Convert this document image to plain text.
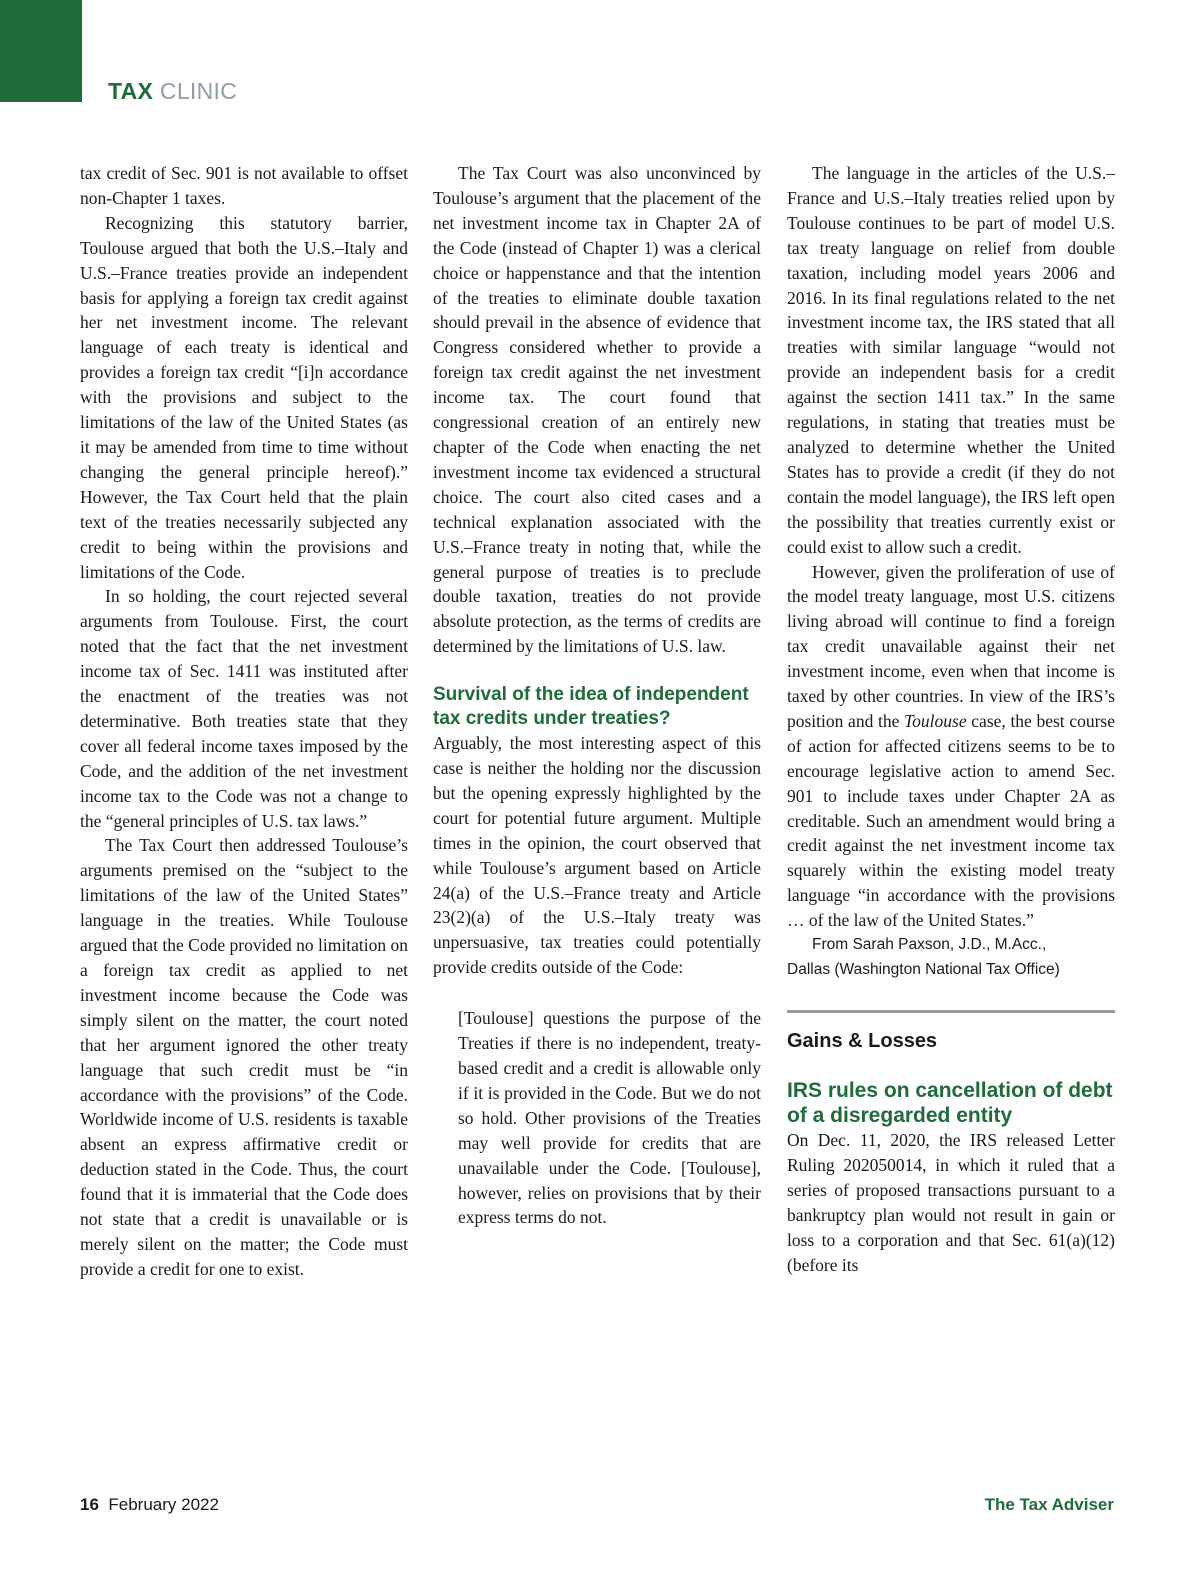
TAX CLINIC

tax credit of Sec. 901 is not available to offset non-Chapter 1 taxes.

Recognizing this statutory barrier, Toulouse argued that both the U.S.–Italy and U.S.–France treaties provide an independent basis for applying a foreign tax credit against her net investment income. The relevant language of each treaty is identical and provides a foreign tax credit “[i]n accordance with the provisions and subject to the limitations of the law of the United States (as it may be amended from time to time without changing the general principle hereof).” However, the Tax Court held that the plain text of the treaties necessarily subjected any credit to being within the provisions and limitations of the Code.

In so holding, the court rejected several arguments from Toulouse. First, the court noted that the fact that the net investment income tax of Sec. 1411 was instituted after the enactment of the treaties was not determinative. Both treaties state that they cover all federal income taxes imposed by the Code, and the addition of the net investment income tax to the Code was not a change to the “general principles of U.S. tax laws.”

The Tax Court then addressed Toulouse’s arguments premised on the “subject to the limitations of the law of the United States” language in the treaties. While Toulouse argued that the Code provided no limitation on a foreign tax credit as applied to net investment income because the Code was simply silent on the matter, the court noted that her argument ignored the other treaty language that such credit must be “in accordance with the provisions” of the Code. Worldwide income of U.S. residents is taxable absent an express affirmative credit or deduction stated in the Code. Thus, the court found that it is immaterial that the Code does not state that a credit is unavailable or is merely silent on the matter; the Code must provide a credit for one to exist.

The Tax Court was also unconvinced by Toulouse’s argument that the placement of the net investment income tax in Chapter 2A of the Code (instead of Chapter 1) was a clerical choice or happenstance and that the intention of the treaties to eliminate double taxation should prevail in the absence of evidence that Congress considered whether to provide a foreign tax credit against the net investment income tax. The court found that congressional creation of an entirely new chapter of the Code when enacting the net investment income tax evidenced a structural choice. The court also cited cases and a technical explanation associated with the U.S.–France treaty in noting that, while the general purpose of treaties is to preclude double taxation, treaties do not provide absolute protection, as the terms of credits are determined by the limitations of U.S. law.

Survival of the idea of independent tax credits under treaties?

Arguably, the most interesting aspect of this case is neither the holding nor the discussion but the opening expressly highlighted by the court for potential future argument. Multiple times in the opinion, the court observed that while Toulouse’s argument based on Article 24(a) of the U.S.–France treaty and Article 23(2)(a) of the U.S.–Italy treaty was unpersuasive, tax treaties could potentially provide credits outside of the Code:

[Toulouse] questions the purpose of the Treaties if there is no independent, treaty-based credit and a credit is allowable only if it is provided in the Code. But we do not so hold. Other provisions of the Treaties may well provide for credits that are unavailable under the Code. [Toulouse], however, relies on provisions that by their express terms do not.

The language in the articles of the U.S.–France and U.S.–Italy treaties relied upon by Toulouse continues to be part of model U.S. tax treaty language on relief from double taxation, including model years 2006 and 2016. In its final regulations related to the net investment income tax, the IRS stated that all treaties with similar language “would not provide an independent basis for a credit against the section 1411 tax.” In the same regulations, in stating that treaties must be analyzed to determine whether the United States has to provide a credit (if they do not contain the model language), the IRS left open the possibility that treaties currently exist or could exist to allow such a credit.

However, given the proliferation of use of the model treaty language, most U.S. citizens living abroad will continue to find a foreign tax credit unavailable against their net investment income, even when that income is taxed by other countries. In view of the IRS’s position and the Toulouse case, the best course of action for affected citizens seems to be to encourage legislative action to amend Sec. 901 to include taxes under Chapter 2A as creditable. Such an amendment would bring a credit against the net investment income tax squarely within the existing model treaty language “in accordance with the provisions … of the law of the United States.”

From Sarah Paxson, J.D., M.Acc.,

Dallas (Washington National Tax Office)

Gains & Losses
IRS rules on cancellation of debt of a disregarded entity

On Dec. 11, 2020, the IRS released Letter Ruling 202050014, in which it ruled that a series of proposed transactions pursuant to a bankruptcy plan would not result in gain or loss to a corporation and that Sec. 61(a)(12) (before its

16 February 2022	The Tax Adviser
